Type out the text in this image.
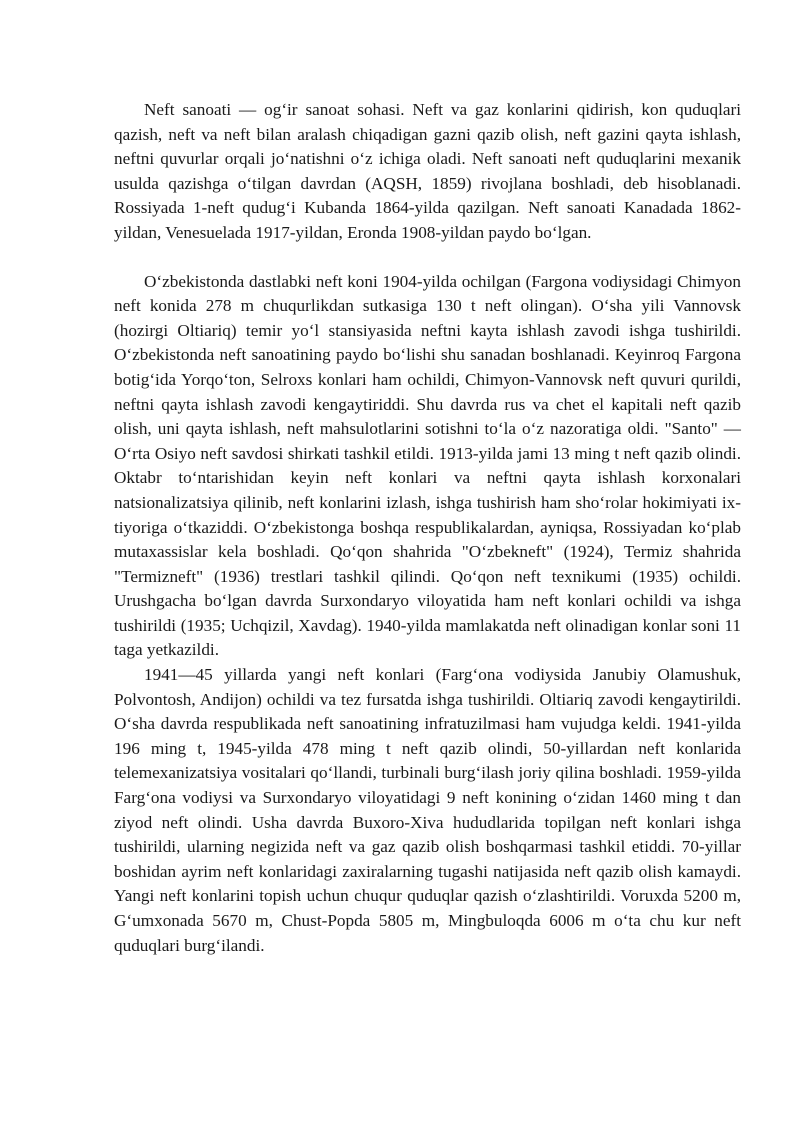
Neft sanoati — og‘ir sanoat sohasi. Neft va gaz konlarini qidirish, kon quduqlari qazish, neft va neft bilan aralash chiqadigan gazni qazib olish, neft gazini qayta ishlash, neftni quvurlar orqali jo‘natishni o‘z ichiga oladi. Neft sanoati neft quduqlarini mexanik usulda qazishga o‘tilgan davrdan (AQSH, 1859) rivojlana boshladi, deb hisoblanadi. Rossiyada 1-neft qudug‘i Kubanda 1864-yilda qazilgan. Neft sanoati Kanadada 1862-yildan, Venesuelada 1917-yildan, Eronda 1908-yildan paydo bo‘lgan.

O‘zbekistonda dastlabki neft koni 1904-yilda ochilgan (Fargona vodiysidagi Chimyon neft konida 278 m chuqurlikdan sutkasiga 130 t neft olingan). O‘sha yili Vannovsk (hozirgi Oltiariq) temir yo‘l stansiyasida neftni kayta ishlash zavodi ishga tushirildi. O‘zbekistonda neft sanoatining paydo bo‘lishi shu sanadan boshlanadi. Keyinroq Fargona botig‘ida Yorqo‘ton, Selroxs konlari ham ochildi, Chimyon-Vannovsk neft quvuri qurildi, neftni qayta ishlash zavodi kengaytiriddi. Shu davrda rus va chet el kapitali neft qazib olish, uni qayta ishlash, neft mahsulotlarini sotishni to‘la o‘z nazoratiga oldi. "Santo" — O‘rta Osiyo neft savdosi shirkati tashkil etildi. 1913-yilda jami 13 ming t neft qazib olindi. Oktabr to‘ntarishidan keyin neft konlari va neftni qayta ishlash korxonalari natsionalizatsiya qilinib, neft konlarini izlash, ishga tushirish ham sho‘rolar hokimiyati ix-tiyoriga o‘tkaziddi. O‘zbekistonga boshqa respublikalardan, ayniqsa, Rossiyadan ko‘plab mutaxassislar kela boshladi. Qo‘qon shahrida "O‘zbekneft" (1924), Termiz shahrida "Termizneft" (1936) trestlari tashkil qilindi. Qo‘qon neft texnikumi (1935) ochildi. Urushgacha bo‘lgan davrda Surxondaryo viloyatida ham neft konlari ochildi va ishga tushirildi (1935; Uchqizil, Xavdag). 1940-yilda mamlakatda neft olinadigan konlar soni 11 taga yetkazildi.

1941—45 yillarda yangi neft konlari (Farg‘ona vodiysida Janubiy Olamushuk, Polvontosh, Andijon) ochildi va tez fursatda ishga tushirildi. Oltiariq zavodi kengaytirildi. O‘sha davrda respublikada neft sanoatining infratuzilmasi ham vujudga keldi. 1941-yilda 196 ming t, 1945-yilda 478 ming t neft qazib olindi, 50-yillardan neft konlarida telemexanizatsiya vositalari qo‘llandi, turbinali burg‘ilash joriy qilina boshladi. 1959-yilda Farg‘ona vodiysi va Surxondaryo viloyatidagi 9 neft konining o‘zidan 1460 ming t dan ziyod neft olindi. Usha davrda Buxoro-Xiva hududlarida topilgan neft konlari ishga tushirildi, ularning negizida neft va gaz qazib olish boshqarmasi tashkil etiddi. 70-yillar boshidan ayrim neft konlaridagi zaxiralarning tugashi natijasida neft qazib olish kamaydi. Yangi neft konlarini topish uchun chuqur quduqlar qazish o‘zlashtirildi. Voruxda 5200 m, G‘umxonada 5670 m, Chust-Popda 5805 m, Mingbuloqda 6006 m o‘ta chu kur neft quduqlari burg‘ilandi.
